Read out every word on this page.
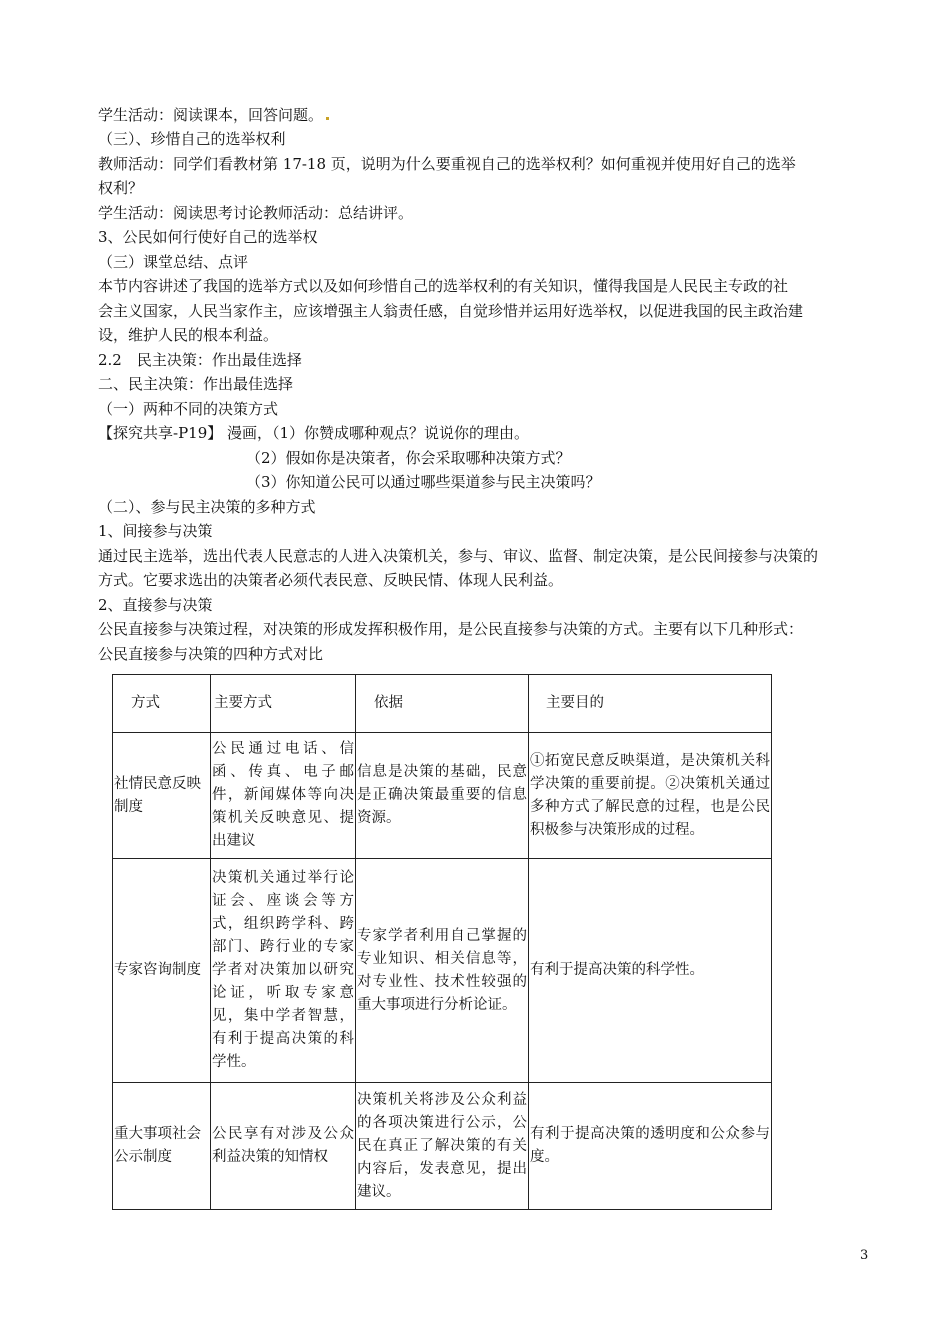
学生活动：阅读课本，回答问题。
（三）、珍惜自己的选举权利
教师活动：同学们看教材第 17-18 页，说明为什么要重视自己的选举权利？如何重视并使用好自己的选举
权利？
学生活动：阅读思考讨论教师活动：总结讲评。
3、公民如何行使好自己的选举权
（三）课堂总结、点评
本节内容讲述了我国的选举方式以及如何珍惜自己的选举权利的有关知识，懂得我国是人民民主专政的社
会主义国家，人民当家作主，应该增强主人翁责任感，自觉珍惜并运用好选举权，以促进我国的民主政治建
设，维护人民的根本利益。
2.2　民主决策：作出最佳选择
二、民主决策：作出最佳选择
（一）两种不同的决策方式
【探究共享-P19】 漫画，（1）你赞成哪种观点？说说你的理由。
（2）假如你是决策者，你会采取哪种决策方式？
（3）你知道公民可以通过哪些渠道参与民主决策吗？
（二）、参与民主决策的多种方式
1、间接参与决策
通过民主选举，选出代表人民意志的人进入决策机关，参与、审议、监督、制定决策，是公民间接参与决策的
方式。它要求选出的决策者必须代表民意、反映民情、体现人民利益。
2、直接参与决策
公民直接参与决策过程，对决策的形成发挥积极作用，是公民直接参与决策的方式。主要有以下几种形式：
公民直接参与决策的四种方式对比
方式	主要方式	依据	主要目的
社情民意反映制度	公民通过电话、信函、传真、电子邮件，新闻媒体等向决策机关反映意见、提出建议	信息是决策的基础，民意是正确决策最重要的信息资源。	①拓宽民意反映渠道，是决策机关科学决策的重要前提。②决策机关通过多种方式了解民意的过程，也是公民积极参与决策形成的过程。
专家咨询制度	决策机关通过举行论证会、座谈会等方式，组织跨学科、跨部门、跨行业的专家学者对决策加以研究论证，听取专家意见，集中学者智慧，有利于提高决策的科学性。	专家学者利用自己掌握的专业知识、相关信息等，对专业性、技术性较强的重大事项进行分析论证。	有利于提高决策的科学性。
重大事项社会公示制度	公民享有对涉及公众利益决策的知情权	决策机关将涉及公众利益的各项决策进行公示，公民在真正了解决策的有关内容后，发表意见，提出建议。	有利于提高决策的透明度和公众参与度。
3
